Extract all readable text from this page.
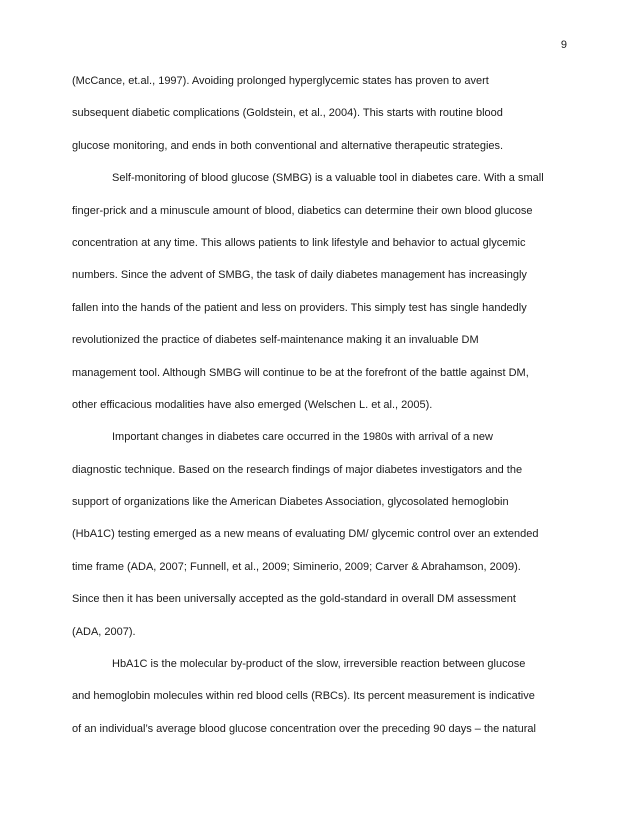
9
(McCance, et.al., 1997). Avoiding prolonged hyperglycemic states has proven to avert
subsequent diabetic complications (Goldstein, et al., 2004). This starts with routine blood
glucose monitoring, and ends in both conventional and alternative therapeutic strategies.
Self-monitoring of blood glucose (SMBG) is a valuable tool in diabetes care. With a small
finger-prick and a minuscule amount of blood, diabetics can determine their own blood glucose
concentration at any time. This allows patients to link lifestyle and behavior to actual glycemic
numbers. Since the advent of SMBG, the task of daily diabetes management has increasingly
fallen into the hands of the patient and less on providers. This simply test has single handedly
revolutionized the practice of diabetes self-maintenance making it an invaluable DM
management tool. Although SMBG will continue to be at the forefront of the battle against DM,
other efficacious modalities have also emerged (Welschen L. et al., 2005).
Important changes in diabetes care occurred in the 1980s with arrival of a new
diagnostic technique. Based on the research findings of major diabetes investigators and the
support of organizations like the American Diabetes Association, glycosolated hemoglobin
(HbA1C) testing emerged as a new means of evaluating DM/ glycemic control over an extended
time frame (ADA, 2007; Funnell, et al., 2009; Siminerio, 2009; Carver & Abrahamson, 2009).
Since then it has been universally accepted as the gold-standard in overall DM assessment
(ADA, 2007).
HbA1C is the molecular by-product of the slow, irreversible reaction between glucose
and hemoglobin molecules within red blood cells (RBCs). Its percent measurement is indicative
of an individual’s average blood glucose concentration over the preceding 90 days – the natural
